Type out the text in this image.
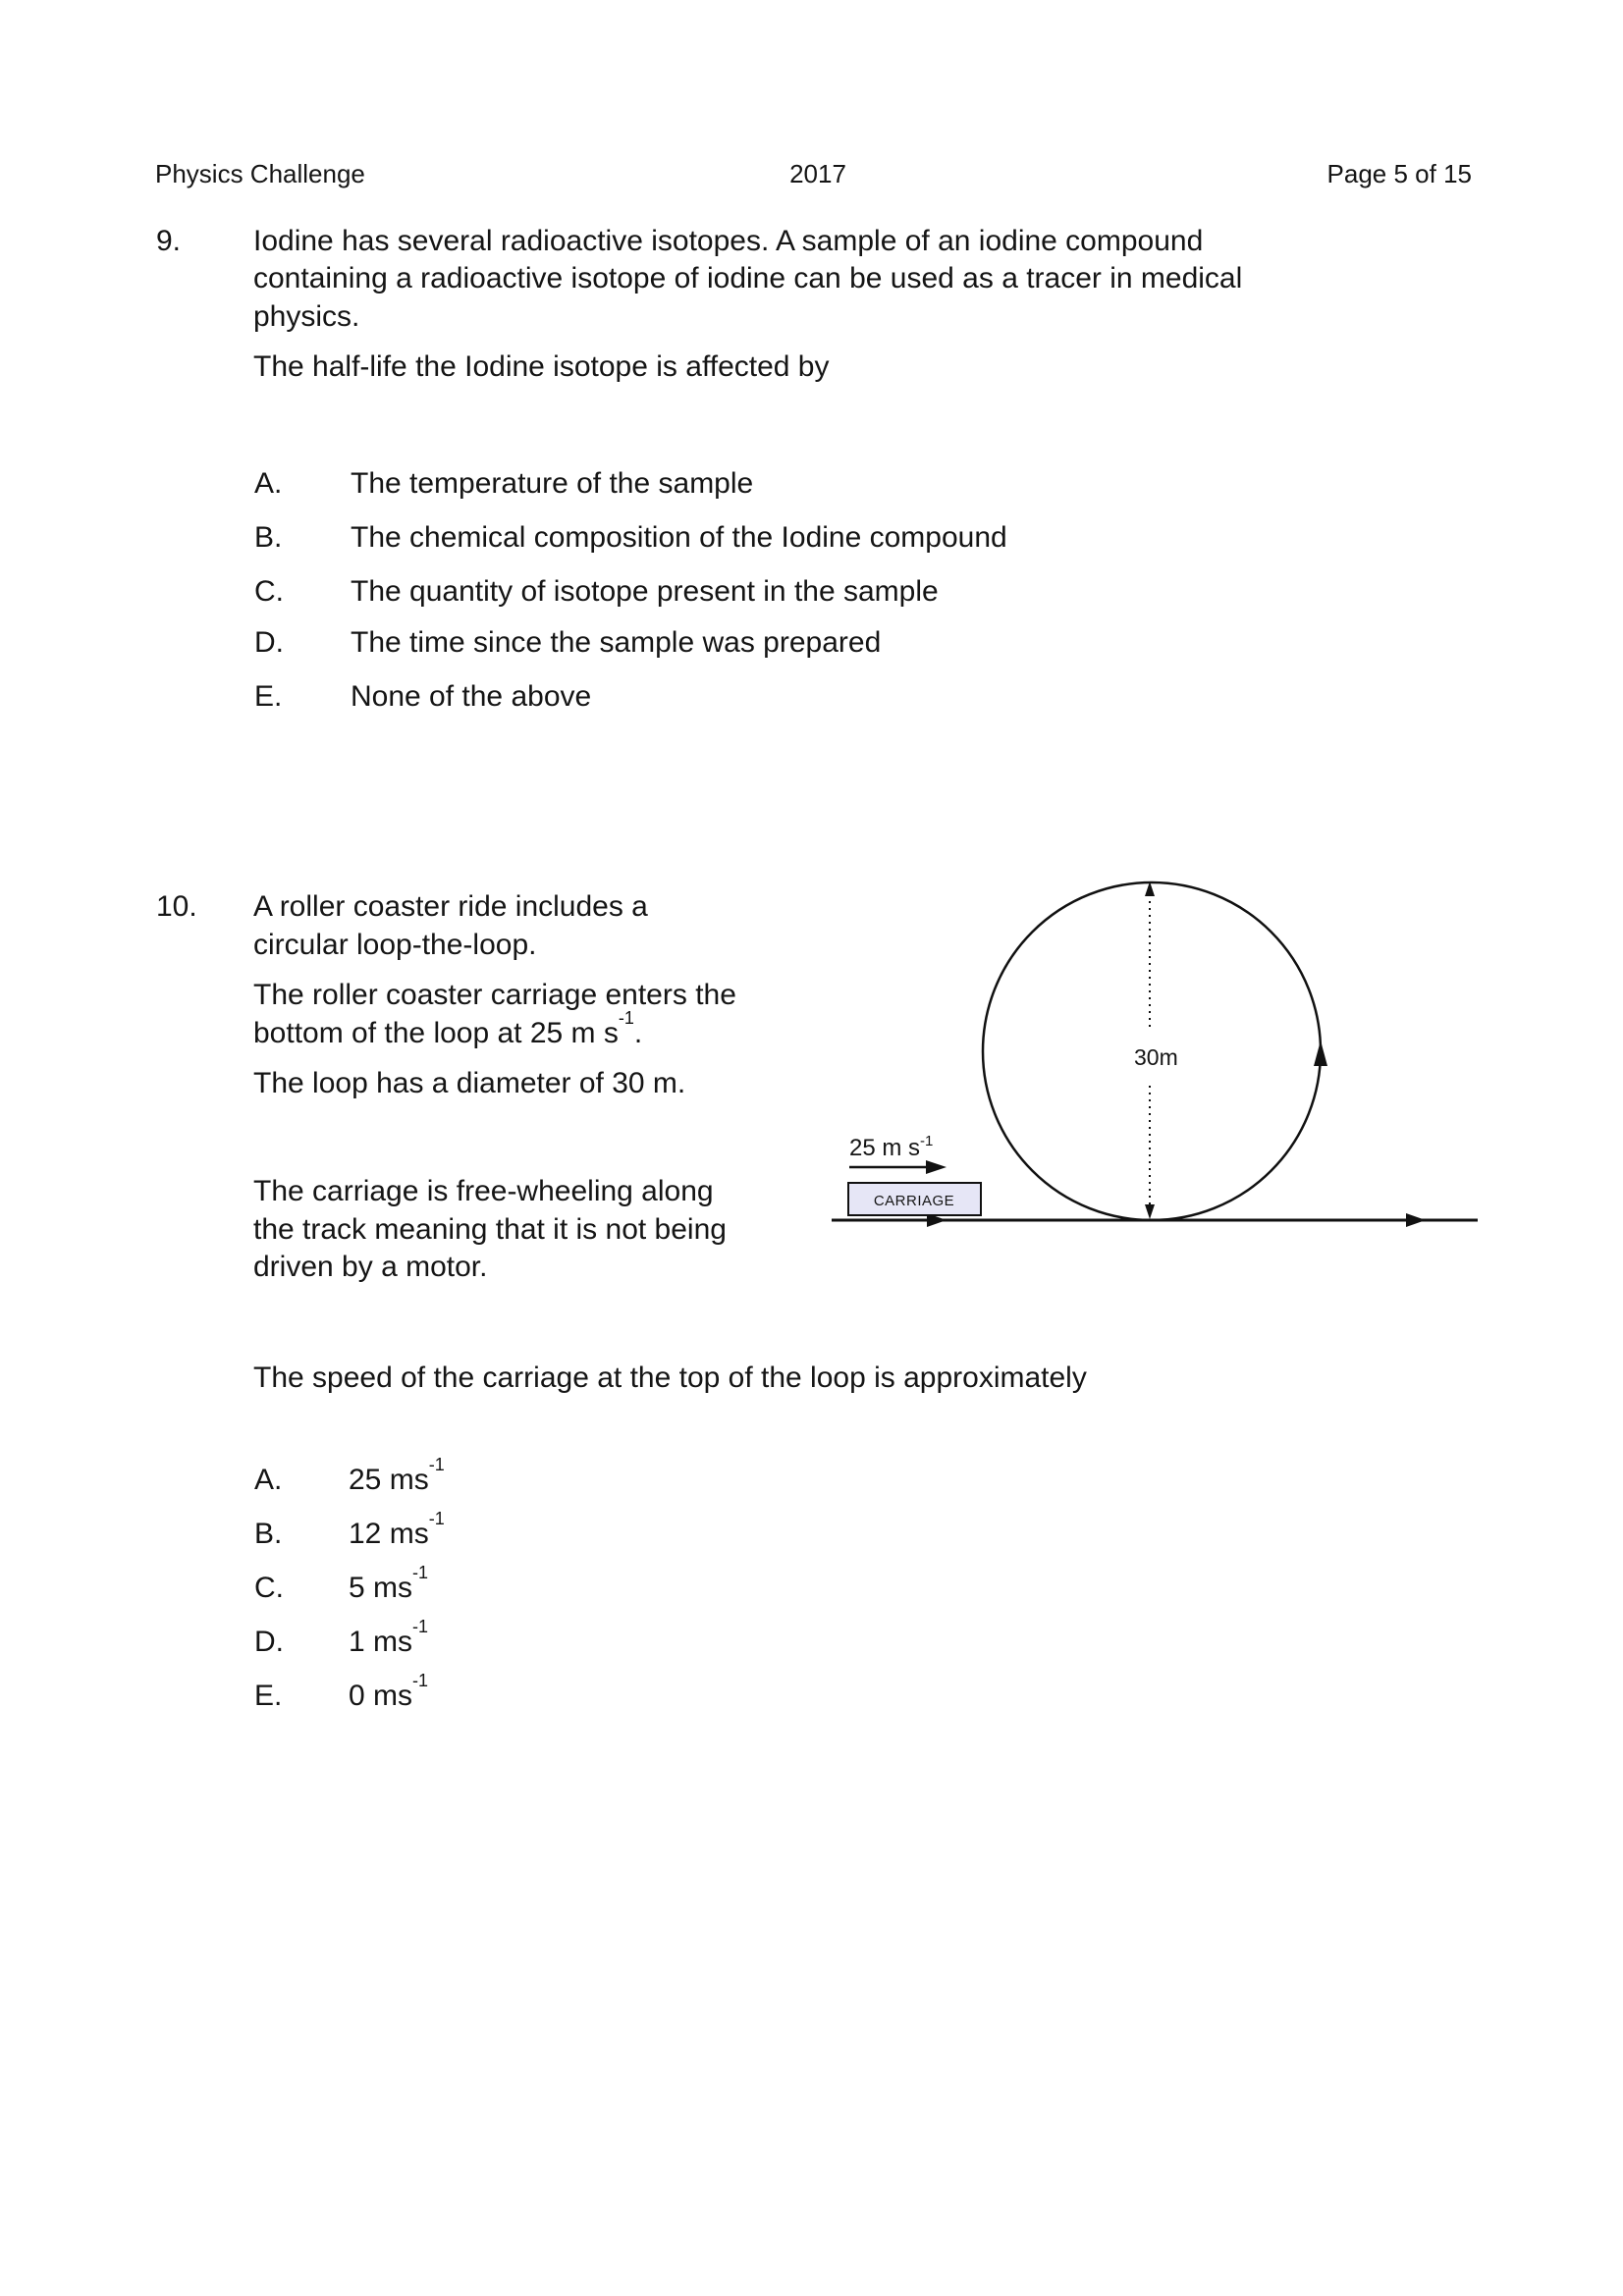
Physics Challenge	2017	Page 5 of 15
9. Iodine has several radioactive isotopes. A sample of an iodine compound
containing a radioactive isotope of iodine can be used as a tracer in medical
physics.
The half-life the Iodine isotope is affected by
A. The temperature of the sample
B. The chemical composition of the Iodine compound
C. The quantity of isotope present in the sample
D. The time since the sample was prepared
E. None of the above
10. A roller coaster ride includes a
circular loop-the-loop.
The roller coaster carriage enters the
bottom of the loop at 25 m $s^{-1}$.
The loop has a diameter of 30 m.
The carriage is free-wheeling along
the track meaning that it is not being
driven by a motor.
The speed of the carriage at the top of the loop is approximately
A. 25 $ms^{-1}$
B. 12 $ms^{-1}$
C. 5 $ms^{-1}$
D. 1 $ms^{-1}$
E. 0 $ms^{-1}$
30m
25 m $s^{-1}$
CARRIAGE
